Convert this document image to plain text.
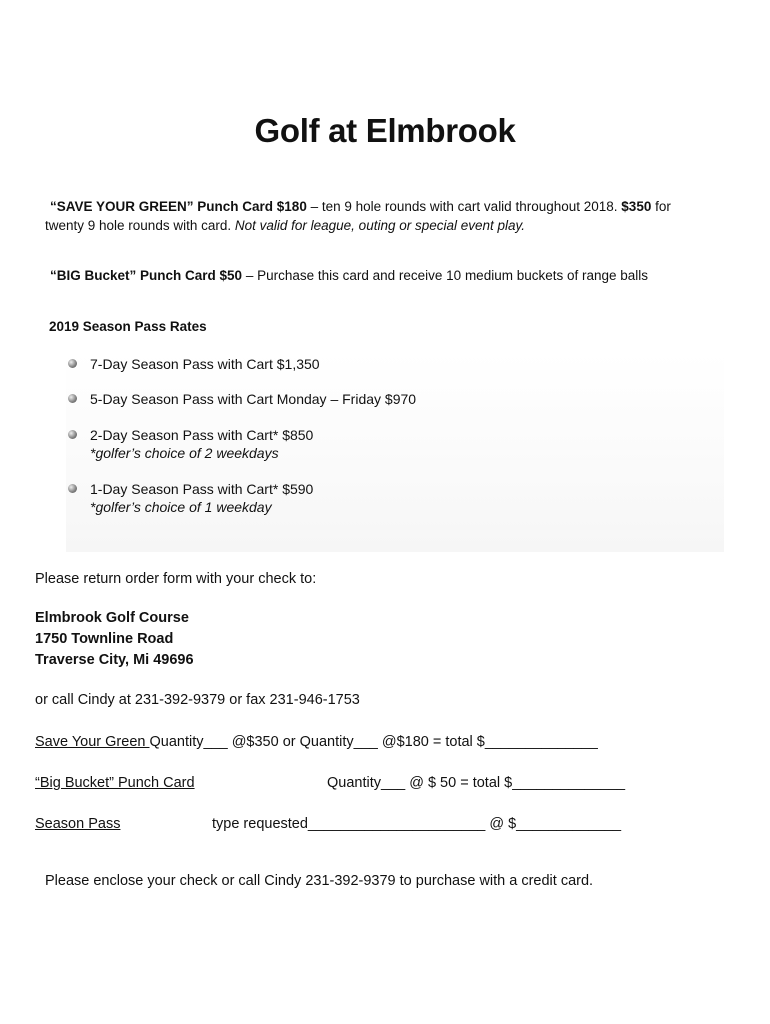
Golf at Elmbrook
“SAVE YOUR GREEN” Punch Card $180 – ten 9 hole rounds with cart valid throughout 2018. $350 for
twenty 9 hole rounds with card. Not valid for league, outing or special event play.
“BIG Bucket” Punch Card $50 – Purchase this card and receive 10 medium buckets of range balls
2019 Season Pass Rates
7-Day Season Pass with Cart $1,350
5-Day Season Pass with Cart Monday – Friday $970
2-Day Season Pass with Cart* $850
*golfer’s choice of 2 weekdays
1-Day Season Pass with Cart* $590
*golfer’s choice of 1 weekday
Please return order form with your check to:
Elmbrook Golf Course
1750 Townline Road
Traverse City, Mi 49696
or call Cindy at 231-392-9379 or fax 231-946-1753
Save Your Green Quantity___ @$350 or Quantity___ @$180 = total $______________
“Big Bucket” Punch Card	Quantity___ @ $ 50 = total $______________
Season Pass	type requested______________________ @ $_____________
Please enclose your check or call Cindy 231-392-9379 to purchase with a credit card.
